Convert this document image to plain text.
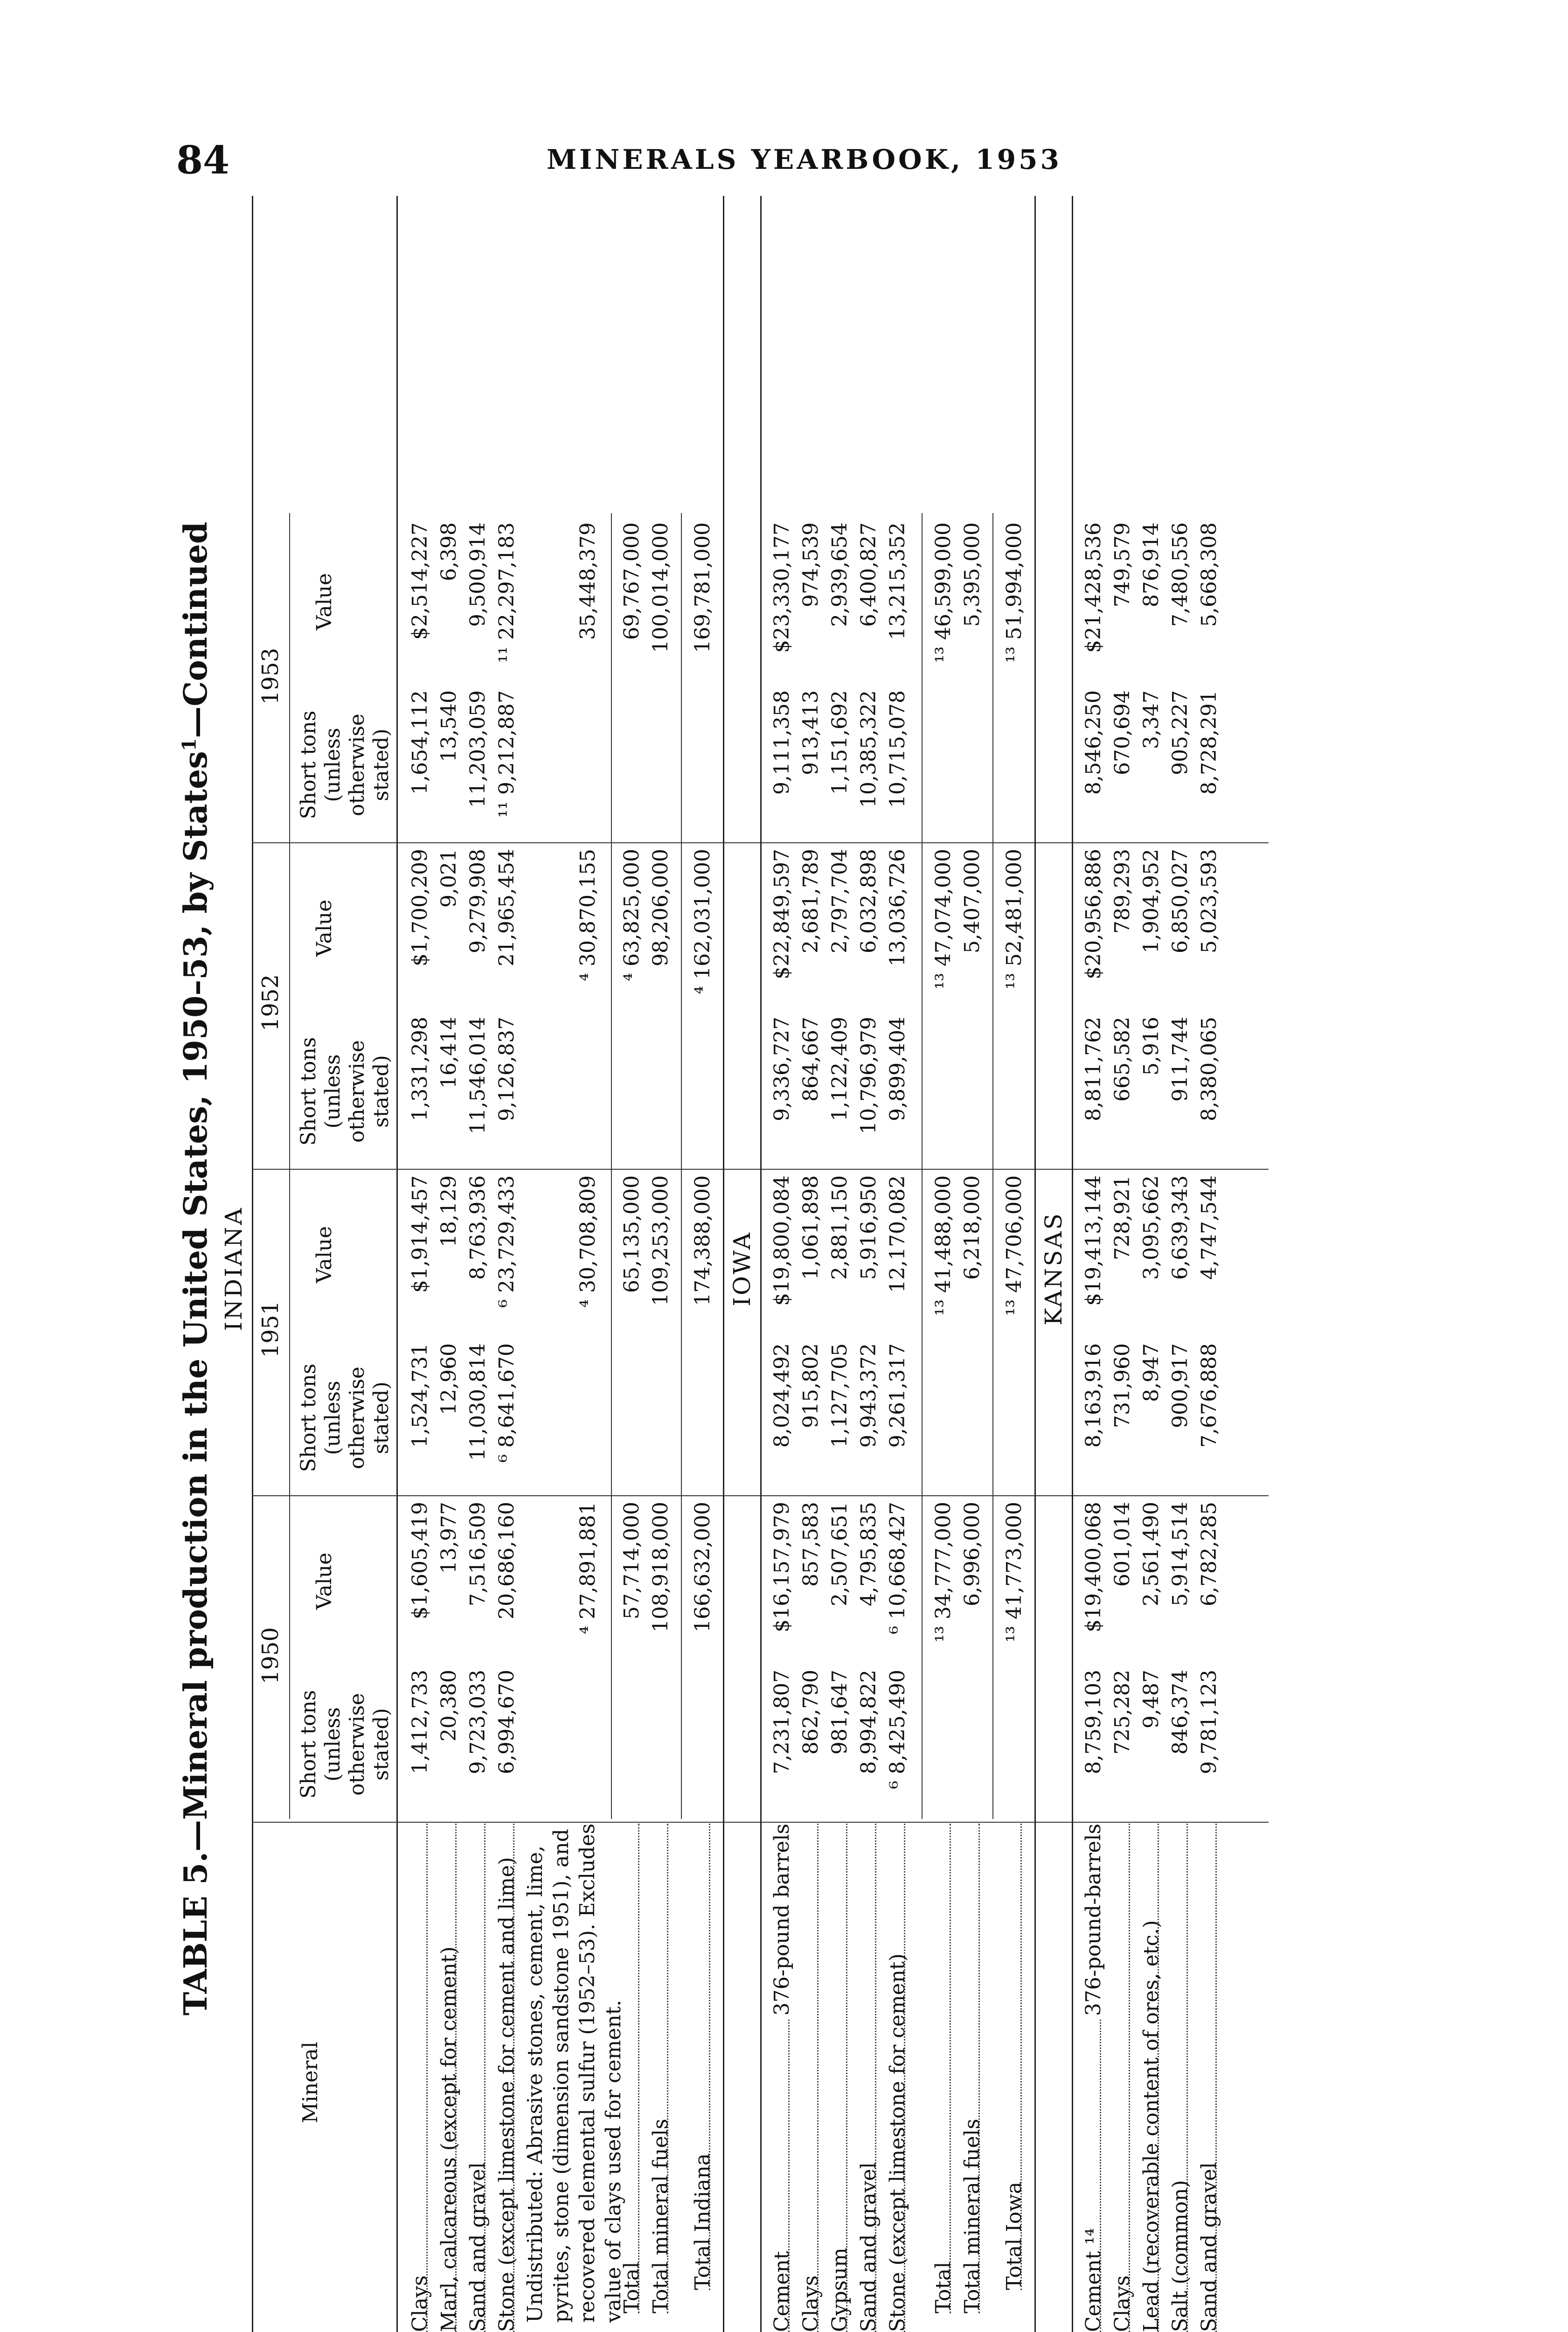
84	MINERALS YEARBOOK, 1953
TABLE 5.—Mineral production in the United States, 1950–53, by States$^1$—Continued
INDIANA
Mineral
1950
1951
1952
1953
Short tons (unless otherwise stated)
Value
Short tons (unless otherwise stated)
Value
Short tons (unless otherwise stated)
Value
Short tons (unless otherwise stated)
Value
Clays
1,412,733
$1,605,419
1,524,731
$1,914,457
1,331,298
$1,700,209
1,654,112
$2,514,227
Marl, calcareous (except for cement)
20,380
13,977
12,960
18,129
16,414
9,021
13,540
6,398
Sand and gravel
9,723,033
7,516,509
11,030,814
8,763,936
11,546,014
9,279,908
11,203,059
9,500,914
Stone (except limestone for cement and lime)
6,994,670
20,686,160
⁶ 8,641,670
⁶ 23,729,433
9,126,837
21,965,454
¹¹ 9,212,887
¹¹ 22,297,183
Undistributed: Abrasive stones, cement, lime, pyrites, stone (dimension sandstone 1951), and recovered elemental sulfur (1952–53). Excludes value of clays used for cement.
⁴ 27,891,881
⁴ 30,708,809
⁴ 30,870,155
35,448,379
Total
57,714,000
65,135,000
⁴ 63,825,000
69,767,000
Total mineral fuels
108,918,000
109,253,000
98,206,000
100,014,000
Total Indiana
166,632,000
174,388,000
⁴ 162,031,000
169,781,000
IOWA
Cement
376-pound barrels
7,231,807
$16,157,979
8,024,492
$19,800,084
9,336,727
$22,849,597
9,111,358
$23,330,177
Clays
862,790
857,583
915,802
1,061,898
864,667
2,681,789
913,413
974,539
Gypsum
981,647
2,507,651
1,127,705
2,881,150
1,122,409
2,797,704
1,151,692
2,939,654
Sand and gravel
8,994,822
4,795,835
9,943,372
5,916,950
10,796,979
6,032,898
10,385,322
6,400,827
Stone (except limestone for cement)
⁶ 8,425,490
⁶ 10,668,427
9,261,317
12,170,082
9,899,404
13,036,726
10,715,078
13,215,352
Total
¹³ 34,777,000
¹³ 41,488,000
¹³ 47,074,000
¹³ 46,599,000
Total mineral fuels
6,996,000
6,218,000
5,407,000
5,395,000
Total Iowa
¹³ 41,773,000
¹³ 47,706,000
¹³ 52,481,000
¹³ 51,994,000
KANSAS
Cement ¹⁴
376-pound-barrels
8,759,103
$19,400,068
8,163,916
$19,413,144
8,811,762
$20,956,886
8,546,250
$21,428,536
Clays
725,282
601,014
731,960
728,921
665,582
789,293
670,694
749,579
Lead (recoverable content of ores, etc.)
9,487
2,561,490
8,947
3,095,662
5,916
1,904,952
3,347
876,914
Salt (common)
846,374
5,914,514
900,917
6,639,343
911,744
6,850,027
905,227
7,480,556
Sand and gravel
9,781,123
6,782,285
7,676,888
4,747,544
8,380,065
5,023,593
8,728,291
5,668,308
